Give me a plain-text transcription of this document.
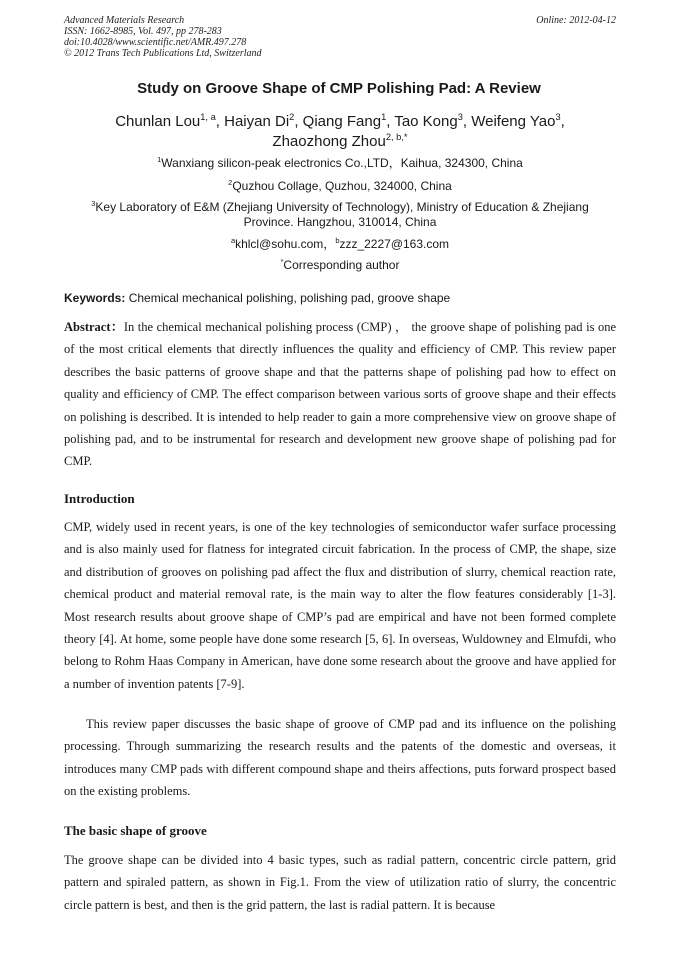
Advanced Materials Research
ISSN: 1662-8985, Vol. 497, pp 278-283
doi:10.4028/www.scientific.net/AMR.497.278
© 2012 Trans Tech Publications Ltd, Switzerland
Online: 2012-04-12
Study on Groove Shape of CMP Polishing Pad: A Review
Chunlan Lou$^{1, a}$, Haiyan Di$^2$, Qiang Fang$^1$, Tao Kong$^3$, Weifeng Yao$^3$,
Zhaozhong Zhou$^{2, b,*}$
$^1$Wanxiang silicon-peak electronics Co.,LTD，Kaihua, 324300, China
$^2$Quzhou Collage, Quzhou, 324000, China
$^3$Key Laboratory of E&M (Zhejiang University of Technology), Ministry of Education & Zhejiang
Province. Hangzhou, 310014, China
$^a$khlcl@sohu.com，$^b$zzz_2227@163.com
*Corresponding author
Keywords: Chemical mechanical polishing, polishing pad, groove shape
Abstract：In the chemical mechanical polishing process (CMP) ， the groove shape of polishing pad is one of the most critical elements that directly influences the quality and efficiency of CMP. This review paper describes the basic patterns of groove shape and that the patterns shape of polishing pad how to effect on quality and efficiency of CMP. The effect comparison between various sorts of groove shape and their effects on polishing is described. It is intended to help reader to gain a more comprehensive view on groove shape of polishing pad, and to be instrumental for research and development new groove shape of polishing pad for CMP.
Introduction
CMP, widely used in recent years, is one of the key technologies of semiconductor wafer surface processing and is also mainly used for flatness for integrated circuit fabrication. In the process of CMP, the shape, size and distribution of grooves on polishing pad affect the flux and distribution of slurry, chemical reaction rate, chemical product and material removal rate, is the main way to alter the flow features considerably [1-3]. Most research results about groove shape of CMP’s pad are empirical and have not been formed complete theory [4]. At home, some people have done some research [5, 6]. In overseas, Wuldowney and Elmufdi, who belong to Rohm Haas Company in American, have done some research about the groove and have applied for a number of invention patents [7-9].
This review paper discusses the basic shape of groove of CMP pad and its influence on the polishing processing. Through summarizing the research results and the patents of the domestic and overseas, it introduces many CMP pads with different compound shape and theirs affections, puts forward prospect based on the existing problems.
The basic shape of groove
The groove shape can be divided into 4 basic types, such as radial pattern, concentric circle pattern, grid pattern and spiraled pattern, as shown in Fig.1. From the view of utilization ratio of slurry, the concentric circle pattern is best, and then is the grid pattern, the last is radial pattern. It is because
